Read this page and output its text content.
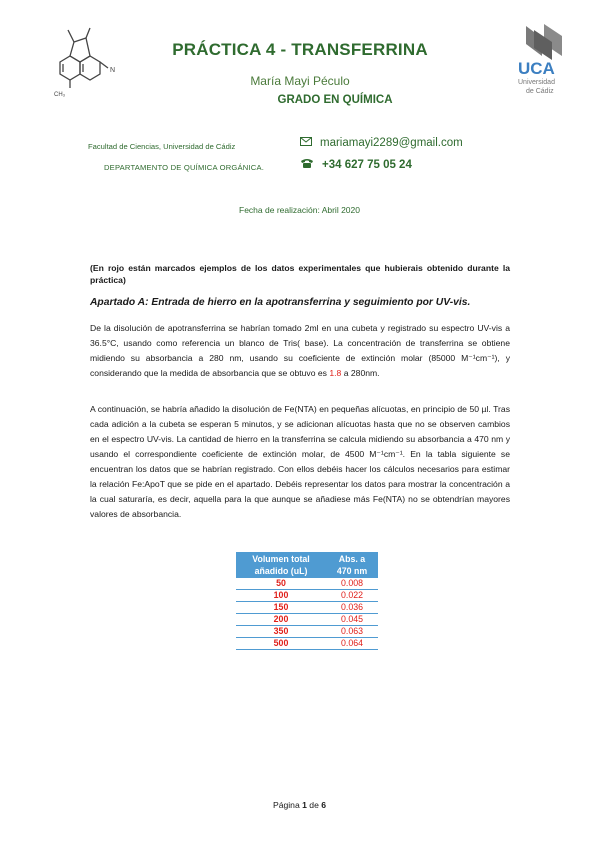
N
CH₃
PRÁCTICA 4 - TRANSFERRINA
María Mayi Péculo
GRADO EN QUÍMICA
UCA
Universidad
de Cádiz
Facultad de Ciencias, Universidad de Cádiz
DEPARTAMENTO DE QUÍMICA ORGÁNICA.
mariamayi2289@gmail.com
+34 627 75 05 24
Fecha de realización: Abril 2020
(En rojo están marcados ejemplos de los datos experimentales que hubierais obtenido durante la práctica)
Apartado A: Entrada de hierro en la apotransferrina y seguimiento por UV-vis.
De la disolución de apotransferrina se habrían tomado 2ml en una cubeta y registrado su espectro UV-vis a 36.5°C, usando como referencia un blanco de Tris( base). La concentración de transferrina se obtiene midiendo su absorbancia a 280 nm, usando su coeficiente de extinción molar (85000 M⁻¹cm⁻¹), y considerando que la medida de absorbancia que se obtuvo es 1.8 a 280nm.
A continuación, se habría añadido la disolución de Fe(NTA) en pequeñas alícuotas, en principio de 50 µl. Tras cada adición a la cubeta se esperan 5 minutos, y se adicionan alícuotas hasta que no se observen cambios en el espectro UV-vis. La cantidad de hierro en la transferrina se calcula midiendo su absorbancia a 470 nm y usando el correspondiente coeficiente de extinción molar, de 4500 M⁻¹cm⁻¹. En la tabla siguiente se encuentran los datos que se habrían registrado. Con ellos debéis hacer los cálculos necesarios para estimar la relación Fe:ApoT que se pide en el apartado. Debéis representar los datos para mostrar la concentración a la cual saturaría, es decir, aquella para la que aunque se añadiese más Fe(NTA) no se obtendrían mayores valores de absorbancia.
Volumen total añadido (uL)	Abs. a 470 nm
50	0.008
100	0.022
150	0.036
200	0.045
350	0.063
500	0.064
Página 1 de 6
